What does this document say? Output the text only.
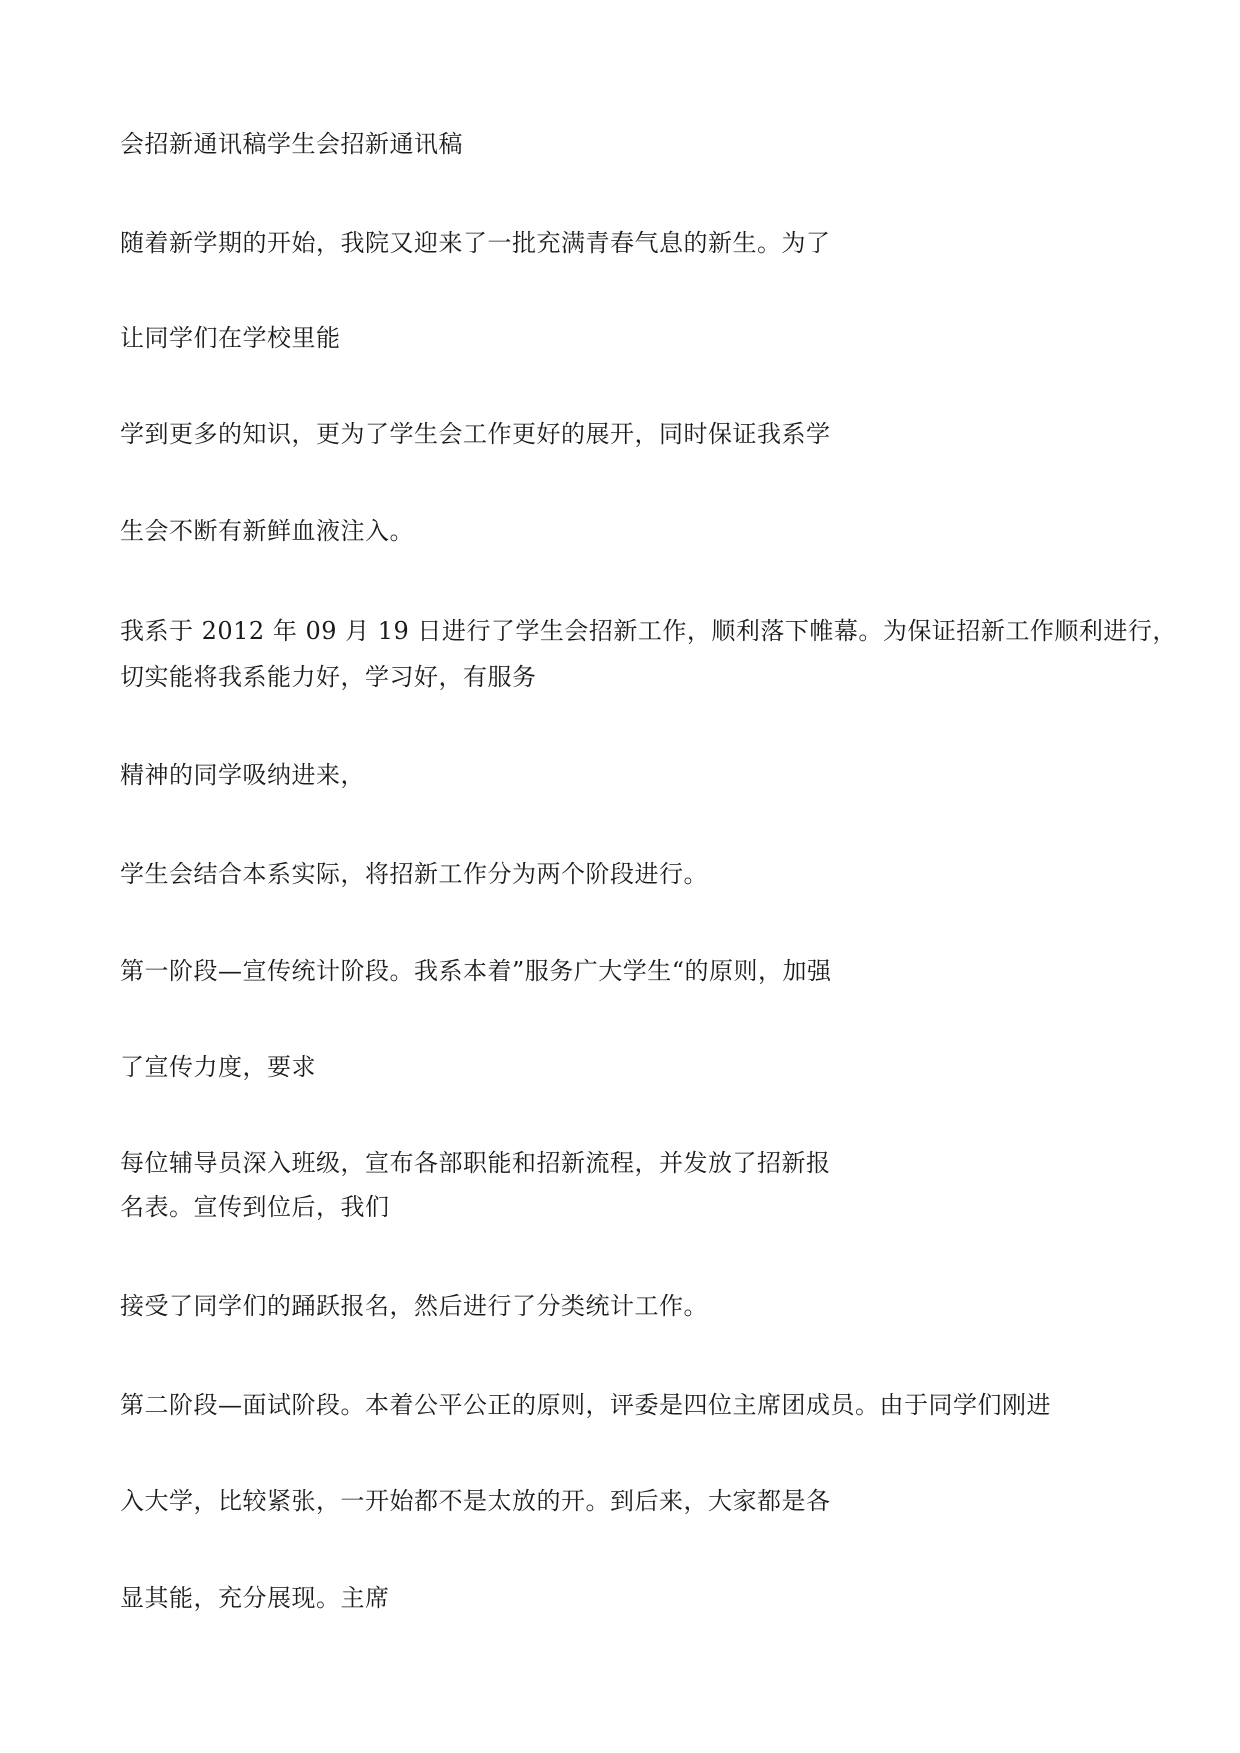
会招新通讯稿学生会招新通讯稿
随着新学期的开始，我院又迎来了一批充满青春气息的新生。为了
让同学们在学校里能
学到更多的知识，更为了学生会工作更好的展开，同时保证我系学
生会不断有新鲜血液注入。
我系于 2012 年 09 月 19 日进行了学生会招新工作，顺利落下帷幕。为保证招新工作顺利进行，
切实能将我系能力好，学习好，有服务
精神的同学吸纳进来，
学生会结合本系实际，将招新工作分为两个阶段进行。
第一阶段—宣传统计阶段。我系本着”服务广大学生“的原则，加强
了宣传力度，要求
每位辅导员深入班级，宣布各部职能和招新流程，并发放了招新报
名表。宣传到位后，我们
接受了同学们的踊跃报名，然后进行了分类统计工作。
第二阶段—面试阶段。本着公平公正的原则，评委是四位主席团成员。由于同学们刚进
入大学，比较紧张，一开始都不是太放的开。到后来，大家都是各
显其能，充分展现。主席
